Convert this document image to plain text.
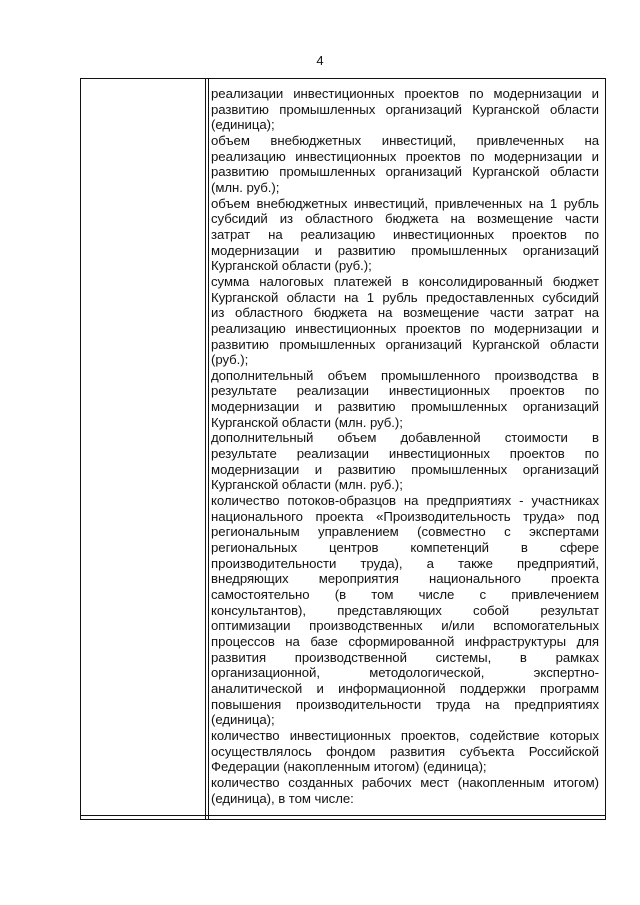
4
реализации инвестиционных проектов по модернизации и
развитию промышленных организаций Курганской области
(единица);
объем внебюджетных инвестиций, привлеченных на
реализацию инвестиционных проектов по модернизации и
развитию промышленных организаций Курганской области
(млн. руб.);
объем внебюджетных инвестиций, привлеченных на 1 рубль
субсидий из областного бюджета на возмещение части
затрат на реализацию инвестиционных проектов по
модернизации и развитию промышленных организаций
Курганской области (руб.);
сумма налоговых платежей в консолидированный бюджет
Курганской области на 1 рубль предоставленных субсидий
из областного бюджета на возмещение части затрат на
реализацию инвестиционных проектов по модернизации и
развитию промышленных организаций Курганской области
(руб.);
дополнительный объем промышленного производства в
результате реализации инвестиционных проектов по
модернизации и развитию промышленных организаций
Курганской области (млн. руб.);
дополнительный объем добавленной стоимости в
результате реализации инвестиционных проектов по
модернизации и развитию промышленных организаций
Курганской области (млн. руб.);
количество потоков-образцов на предприятиях - участниках
национального проекта «Производительность труда» под
региональным управлением (совместно с экспертами
региональных центров компетенций в сфере
производительности труда), а также предприятий,
внедряющих мероприятия национального проекта
самостоятельно (в том числе с привлечением
консультантов), представляющих собой результат
оптимизации производственных и/или вспомогательных
процессов на базе сформированной инфраструктуры для
развития производственной системы, в рамках
организационной, методологической, экспертно-
аналитической и информационной поддержки программ
повышения производительности труда на предприятиях
(единица);
количество инвестиционных проектов, содействие которых
осуществлялось фондом развития субъекта Российской
Федерации (накопленным итогом) (единица);
количество созданных рабочих мест (накопленным итогом)
(единица), в том числе:
